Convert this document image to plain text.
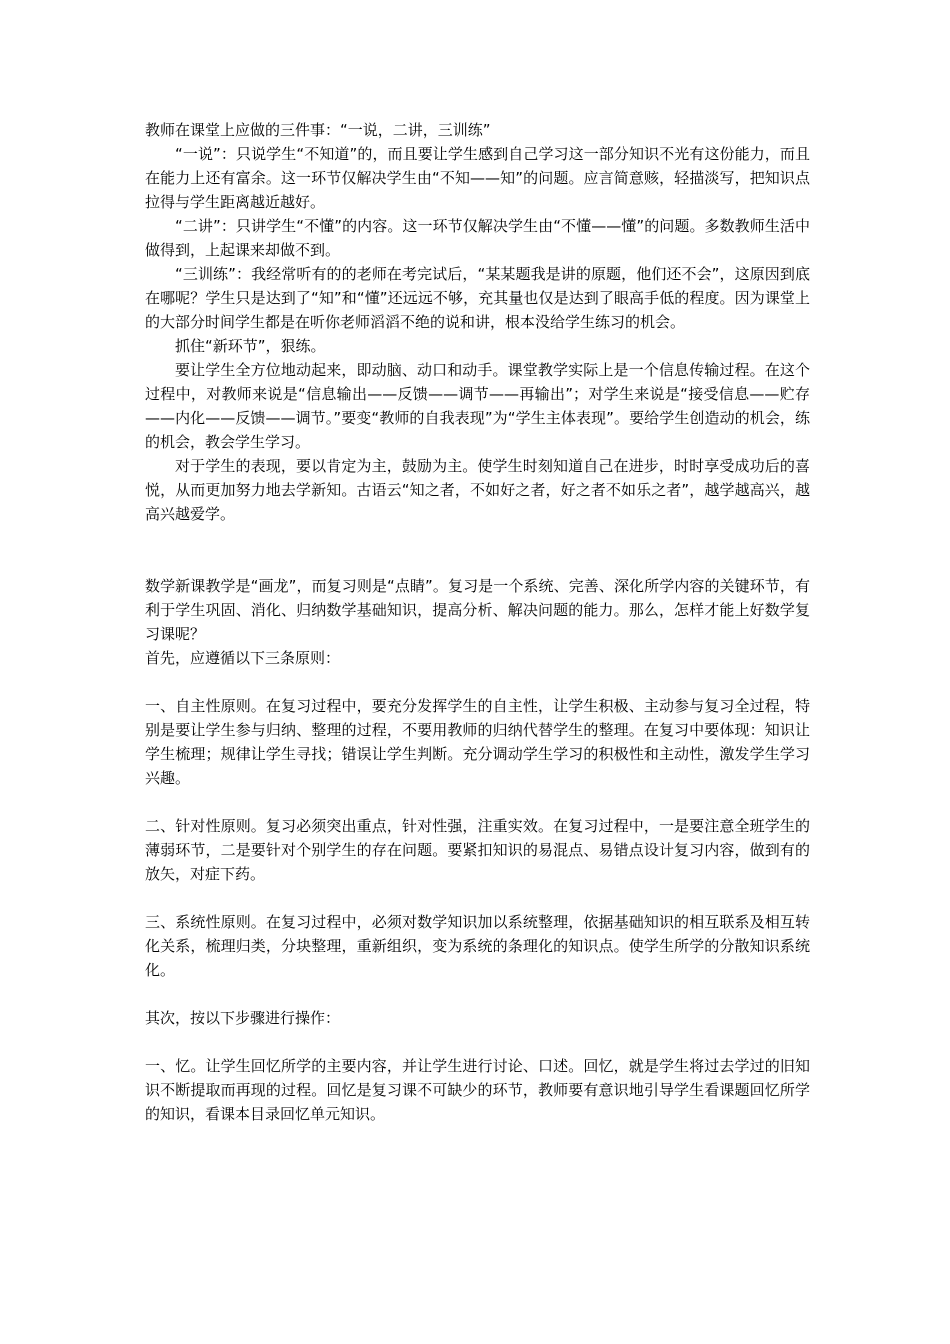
教师在课堂上应做的三件事：“一说，二讲，三训练”

“一说”：只说学生“不知道”的，而且要让学生感到自己学习这一部分知识不光有这份能力，而且在能力上还有富余。这一环节仅解决学生由“不知——知”的问题。应言简意赅，轻描淡写，把知识点拉得与学生距离越近越好。

“二讲”：只讲学生“不懂”的内容。这一环节仅解决学生由“不懂——懂”的问题。多数教师生活中做得到，上起课来却做不到。

“三训练”：我经常听有的的老师在考完试后，“某某题我是讲的原题，他们还不会”，这原因到底在哪呢？学生只是达到了“知”和“懂”还远远不够，充其量也仅是达到了眼高手低的程度。因为课堂上的大部分时间学生都是在听你老师滔滔不绝的说和讲，根本没给学生练习的机会。

抓住“新环节”，狠练。

要让学生全方位地动起来，即动脑、动口和动手。课堂教学实际上是一个信息传输过程。在这个过程中，对教师来说是“信息输出——反馈——调节——再输出”；对学生来说是“接受信息——贮存——内化——反馈——调节。”要变“教师的自我表现”为“学生主体表现”。要给学生创造动的机会，练的机会，教会学生学习。

对于学生的表现，要以肯定为主，鼓励为主。使学生时刻知道自己在进步，时时享受成功后的喜悦，从而更加努力地去学新知。古语云“知之者，不如好之者，好之者不如乐之者”，越学越高兴，越高兴越爱学。

数学新课教学是“画龙”，而复习则是“点睛”。复习是一个系统、完善、深化所学内容的关键环节，有利于学生巩固、消化、归纳数学基础知识，提高分析、解决问题的能力。那么，怎样才能上好数学复习课呢？

首先，应遵循以下三条原则：

一、自主性原则。在复习过程中，要充分发挥学生的自主性，让学生积极、主动参与复习全过程，特别是要让学生参与归纳、整理的过程，不要用教师的归纳代替学生的整理。在复习中要体现：知识让学生梳理；规律让学生寻找；错误让学生判断。充分调动学生学习的积极性和主动性，激发学生学习兴趣。

二、针对性原则。复习必须突出重点，针对性强，注重实效。在复习过程中，一是要注意全班学生的薄弱环节，二是要针对个别学生的存在问题。要紧扣知识的易混点、易错点设计复习内容，做到有的放矢，对症下药。

三、系统性原则。在复习过程中，必须对数学知识加以系统整理，依据基础知识的相互联系及相互转化关系，梳理归类，分块整理，重新组织，变为系统的条理化的知识点。使学生所学的分散知识系统化。

其次，按以下步骤进行操作：

一、忆。让学生回忆所学的主要内容，并让学生进行讨论、口述。回忆，就是学生将过去学过的旧知识不断提取而再现的过程。回忆是复习课不可缺少的环节，教师要有意识地引导学生看课题回忆所学的知识，看课本目录回忆单元知识。
